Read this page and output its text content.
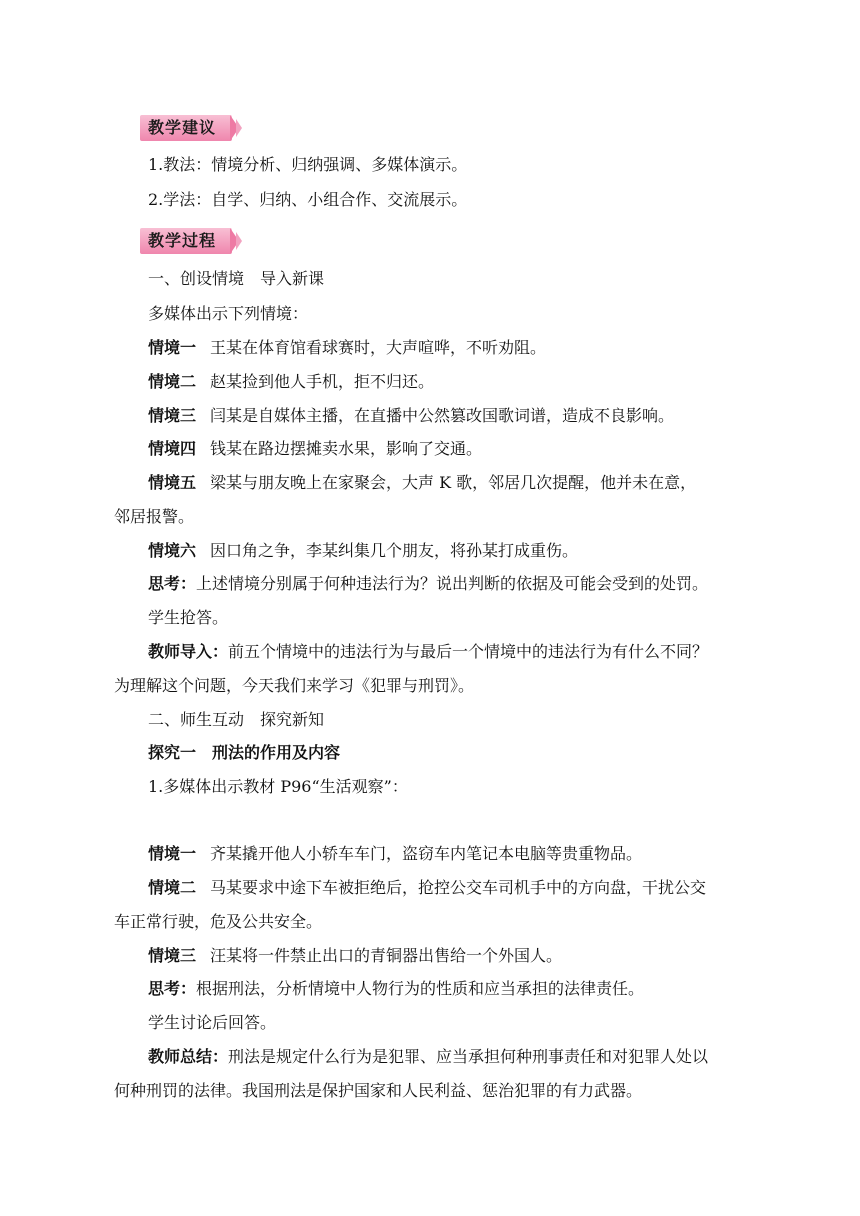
教学建议
1.教法：情境分析、归纳强调、多媒体演示。
2.学法：自学、归纳、小组合作、交流展示。
教学过程
一、创设情境　导入新课
多媒体出示下列情境：
情境一 王某在体育馆看球赛时，大声喧哗，不听劝阻。
情境二 赵某捡到他人手机，拒不归还。
情境三 闫某是自媒体主播，在直播中公然篡改国歌词谱，造成不良影响。
情境四 钱某在路边摆摊卖水果，影响了交通。
情境五 梁某与朋友晚上在家聚会，大声 K 歌，邻居几次提醒，他并未在意，
邻居报警。
情境六 因口角之争，李某纠集几个朋友，将孙某打成重伤。
思考：上述情境分别属于何种违法行为？说出判断的依据及可能会受到的处罚。
学生抢答。
教师导入：前五个情境中的违法行为与最后一个情境中的违法行为有什么不同？
为理解这个问题，今天我们来学习《犯罪与刑罚》。
二、师生互动　探究新知
探究一　刑法的作用及内容
1.多媒体出示教材 P96“生活观察”：
情境一 齐某撬开他人小轿车车门，盗窃车内笔记本电脑等贵重物品。
情境二 马某要求中途下车被拒绝后，抢控公交车司机手中的方向盘，干扰公交
车正常行驶，危及公共安全。
情境三 汪某将一件禁止出口的青铜器出售给一个外国人。
思考：根据刑法，分析情境中人物行为的性质和应当承担的法律责任。
学生讨论后回答。
教师总结：刑法是规定什么行为是犯罪、应当承担何种刑事责任和对犯罪人处以
何种刑罚的法律。我国刑法是保护国家和人民利益、惩治犯罪的有力武器。
